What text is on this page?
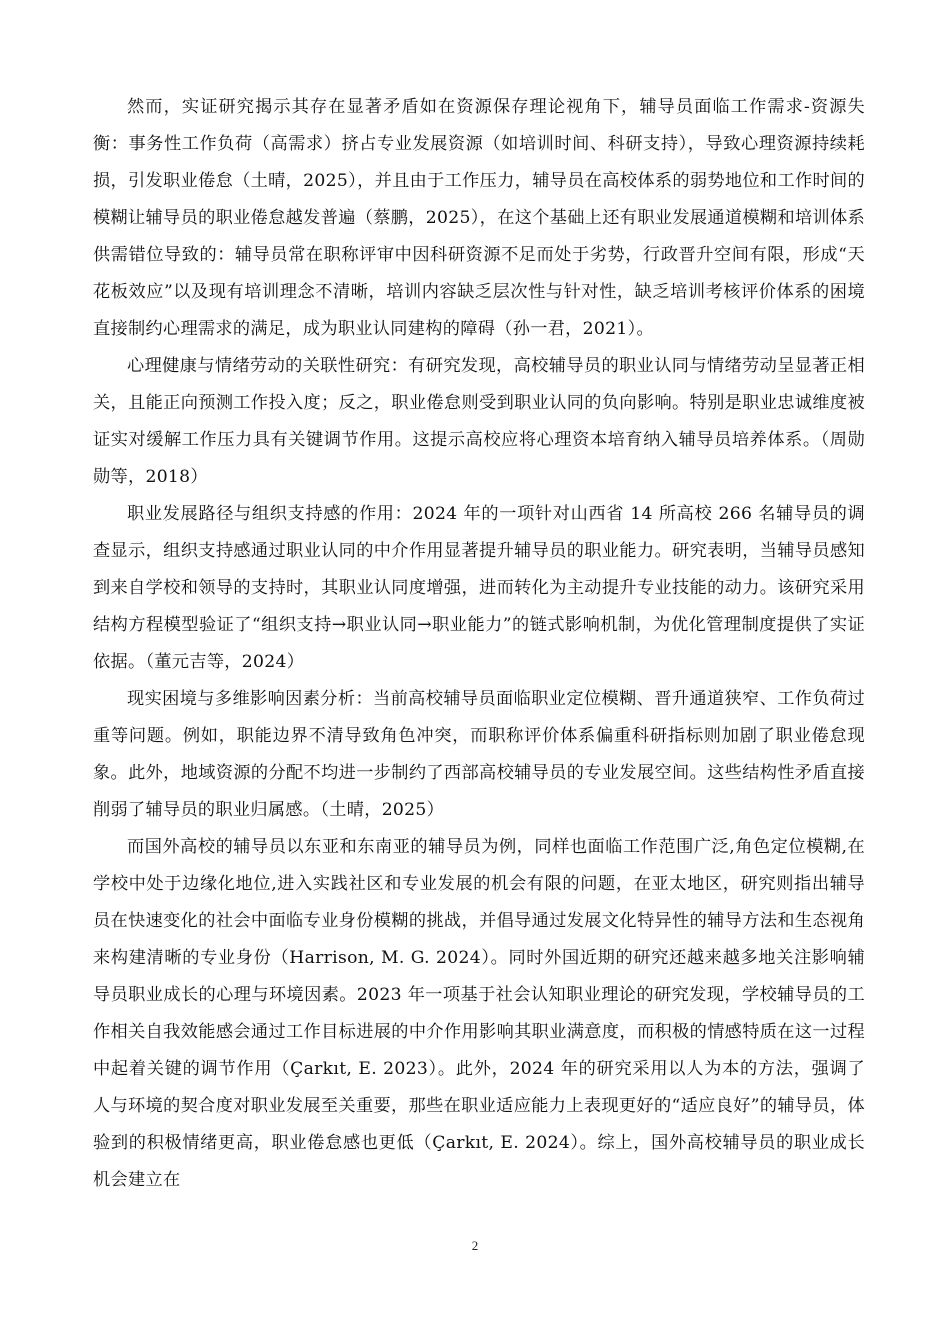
然而，实证研究揭示其存在显著矛盾如在资源保存理论视角下，辅导员面临工作需求-资源失衡：事务性工作负荷（高需求）挤占专业发展资源（如培训时间、科研支持），导致心理资源持续耗损，引发职业倦怠（土晴，2025），并且由于工作压力，辅导员在高校体系的弱势地位和工作时间的模糊让辅导员的职业倦怠越发普遍（蔡鹏，2025），在这个基础上还有职业发展通道模糊和培训体系供需错位导致的：辅导员常在职称评审中因科研资源不足而处于劣势，行政晋升空间有限，形成“天花板效应”以及现有培训理念不清晰，培训内容缺乏层次性与针对性，缺乏培训考核评价体系的困境直接制约心理需求的满足，成为职业认同建构的障碍（孙一君，2021）。

心理健康与情绪劳动的关联性研究：有研究发现，高校辅导员的职业认同与情绪劳动呈显著正相关，且能正向预测工作投入度；反之，职业倦怠则受到职业认同的负向影响。特别是职业忠诚维度被证实对缓解工作压力具有关键调节作用。这提示高校应将心理资本培育纳入辅导员培养体系。（周勋勋等，2018）

职业发展路径与组织支持感的作用：2024 年的一项针对山西省 14 所高校 266 名辅导员的调查显示，组织支持感通过职业认同的中介作用显著提升辅导员的职业能力。研究表明，当辅导员感知到来自学校和领导的支持时，其职业认同度增强，进而转化为主动提升专业技能的动力。该研究采用结构方程模型验证了“组织支持→职业认同→职业能力”的链式影响机制，为优化管理制度提供了实证依据。（董元吉等，2024）

现实困境与多维影响因素分析：当前高校辅导员面临职业定位模糊、晋升通道狭窄、工作负荷过重等问题。例如，职能边界不清导致角色冲突，而职称评价体系偏重科研指标则加剧了职业倦怠现象。此外，地域资源的分配不均进一步制约了西部高校辅导员的专业发展空间。这些结构性矛盾直接削弱了辅导员的职业归属感。（土晴，2025）

而国外高校的辅导员以东亚和东南亚的辅导员为例，同样也面临工作范围广泛,角色定位模糊,在学校中处于边缘化地位,进入实践社区和专业发展的机会有限的问题，在亚太地区，研究则指出辅导员在快速变化的社会中面临专业身份模糊的挑战，并倡导通过发展文化特异性的辅导方法和生态视角来构建清晰的专业身份（Harrison, M. G. 2024）。同时外国近期的研究还越来越多地关注影响辅导员职业成长的心理与环境因素。2023 年一项基于社会认知职业理论的研究发现，学校辅导员的工作相关自我效能感会通过工作目标进展的中介作用影响其职业满意度，而积极的情感特质在这一过程中起着关键的调节作用（Çarkıt, E. 2023）。此外，2024 年的研究采用以人为本的方法，强调了人与环境的契合度对职业发展至关重要，那些在职业适应能力上表现更好的“适应良好”的辅导员，体验到的积极情绪更高，职业倦怠感也更低（Çarkıt, E. 2024）。综上，国外高校辅导员的职业成长机会建立在

2
